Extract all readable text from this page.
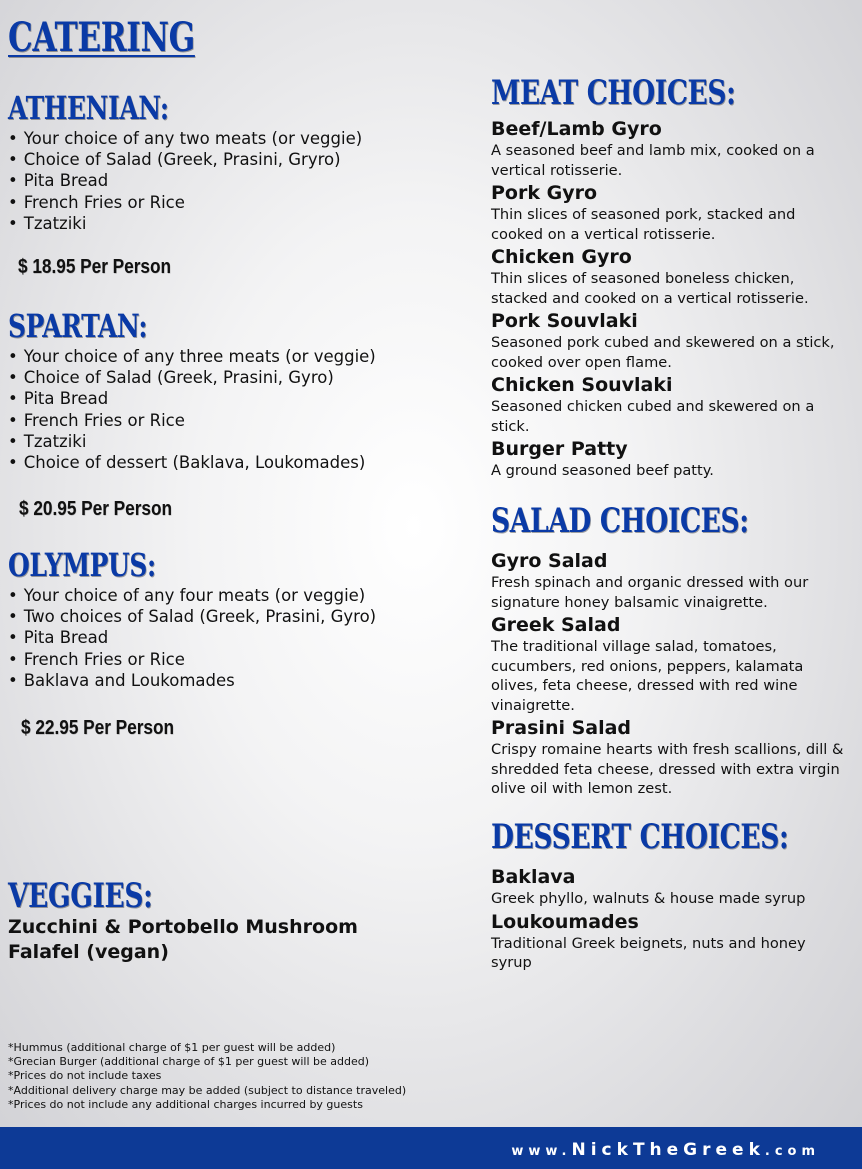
CATERING
ATHENIAN:
• Your choice of any two meats (or veggie)
• Choice of Salad (Greek, Prasini, Gryro)
• Pita Bread
• French Fries or Rice
• Tzatziki
$ 18.95 Per Person
SPARTAN:
• Your choice of any three meats (or veggie)
• Choice of Salad (Greek, Prasini, Gyro)
• Pita Bread
• French Fries or Rice
• Tzatziki
• Choice of dessert (Baklava, Loukomades)
$ 20.95 Per Person
OLYMPUS:
• Your choice of any four meats (or veggie)
• Two choices of Salad (Greek, Prasini, Gyro)
• Pita Bread
• French Fries or Rice
• Baklava and Loukomades
$ 22.95 Per Person
VEGGIES:
Zucchini & Portobello Mushroom
Falafel (vegan)
MEAT CHOICES:
Beef/Lamb Gyro
A seasoned beef and lamb mix, cooked on a vertical rotisserie.
Pork Gyro
Thin slices of seasoned pork, stacked and cooked on a vertical rotisserie.
Chicken Gyro
Thin slices of seasoned boneless chicken, stacked and cooked on a vertical rotisserie.
Pork Souvlaki
Seasoned pork cubed and skewered on a stick, cooked over open flame.
Chicken Souvlaki
Seasoned chicken cubed and skewered on a stick.
Burger Patty
A ground seasoned beef patty.
SALAD CHOICES:
Gyro Salad
Fresh spinach and organic dressed with our signature honey balsamic vinaigrette.
Greek Salad
The traditional village salad, tomatoes, cucumbers, red onions, peppers, kalamata olives, feta cheese, dressed with red wine vinaigrette.
Prasini Salad
Crispy romaine hearts with fresh scallions, dill & shredded feta cheese, dressed with extra virgin olive oil with lemon zest.
DESSERT CHOICES:
Baklava
Greek phyllo, walnuts & house made syrup
Loukoumades
Traditional Greek beignets, nuts and honey syrup
*Hummus (additional charge of $1 per guest will be added)
*Grecian Burger (additional charge of $1 per guest will be added)
*Prices do not include taxes
*Additional delivery charge may be added (subject to distance traveled)
*Prices do not include any additional charges incurred by guests
www.NickTheGreek.com
